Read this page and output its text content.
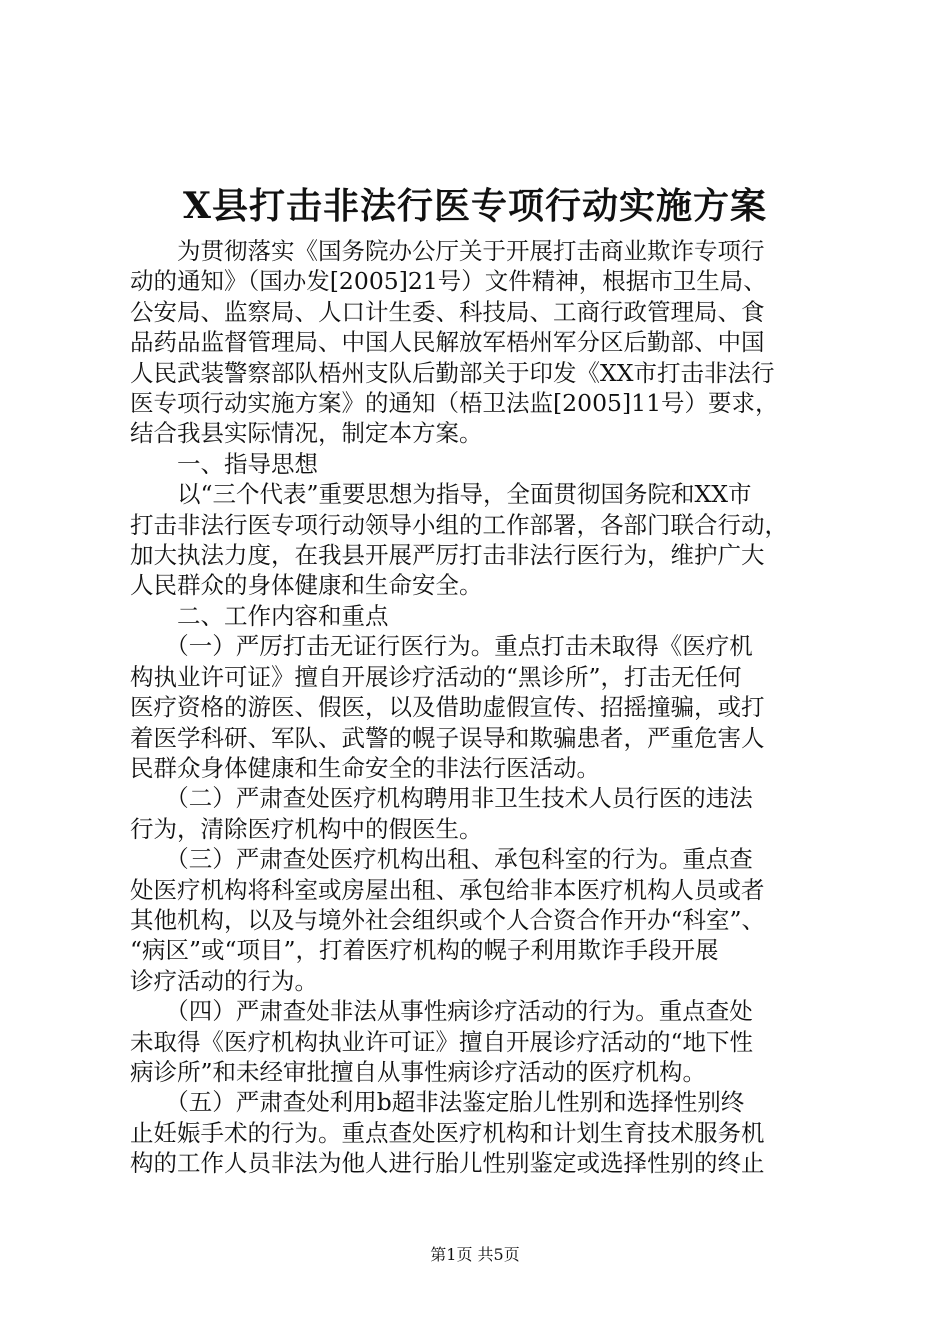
X县打击非法行医专项行动实施方案
　　为贯彻落实《国务院办公厅关于开展打击商业欺诈专项行
动的通知》（国办发[2005]21号）文件精神，根据市卫生局、
公安局、监察局、人口计生委、科技局、工商行政管理局、食
品药品监督管理局、中国人民解放军梧州军分区后勤部、中国
人民武装警察部队梧州支队后勤部关于印发《XX市打击非法行
医专项行动实施方案》的通知（梧卫法监[2005]11号）要求，
结合我县实际情况，制定本方案。
　　一、指导思想
　　以“三个代表”重要思想为指导，全面贯彻国务院和XX市
打击非法行医专项行动领导小组的工作部署，各部门联合行动，
加大执法力度，在我县开展严厉打击非法行医行为，维护广大
人民群众的身体健康和生命安全。
　　二、工作内容和重点
　　（一）严厉打击无证行医行为。重点打击未取得《医疗机
构执业许可证》擅自开展诊疗活动的“黑诊所”，打击无任何
医疗资格的游医、假医，以及借助虚假宣传、招摇撞骗，或打
着医学科研、军队、武警的幌子误导和欺骗患者，严重危害人
民群众身体健康和生命安全的非法行医活动。
　　（二）严肃查处医疗机构聘用非卫生技术人员行医的违法
行为，清除医疗机构中的假医生。
　　（三）严肃查处医疗机构出租、承包科室的行为。重点查
处医疗机构将科室或房屋出租、承包给非本医疗机构人员或者
其他机构，以及与境外社会组织或个人合资合作开办“科室”、
“病区”或“项目”，打着医疗机构的幌子利用欺诈手段开展
诊疗活动的行为。
　　（四）严肃查处非法从事性病诊疗活动的行为。重点查处
未取得《医疗机构执业许可证》擅自开展诊疗活动的“地下性
病诊所”和未经审批擅自从事性病诊疗活动的医疗机构。
　　（五）严肃查处利用b超非法鉴定胎儿性别和选择性别终
止妊娠手术的行为。重点查处医疗机构和计划生育技术服务机
构的工作人员非法为他人进行胎儿性别鉴定或选择性别的终止
第1页 共5页
